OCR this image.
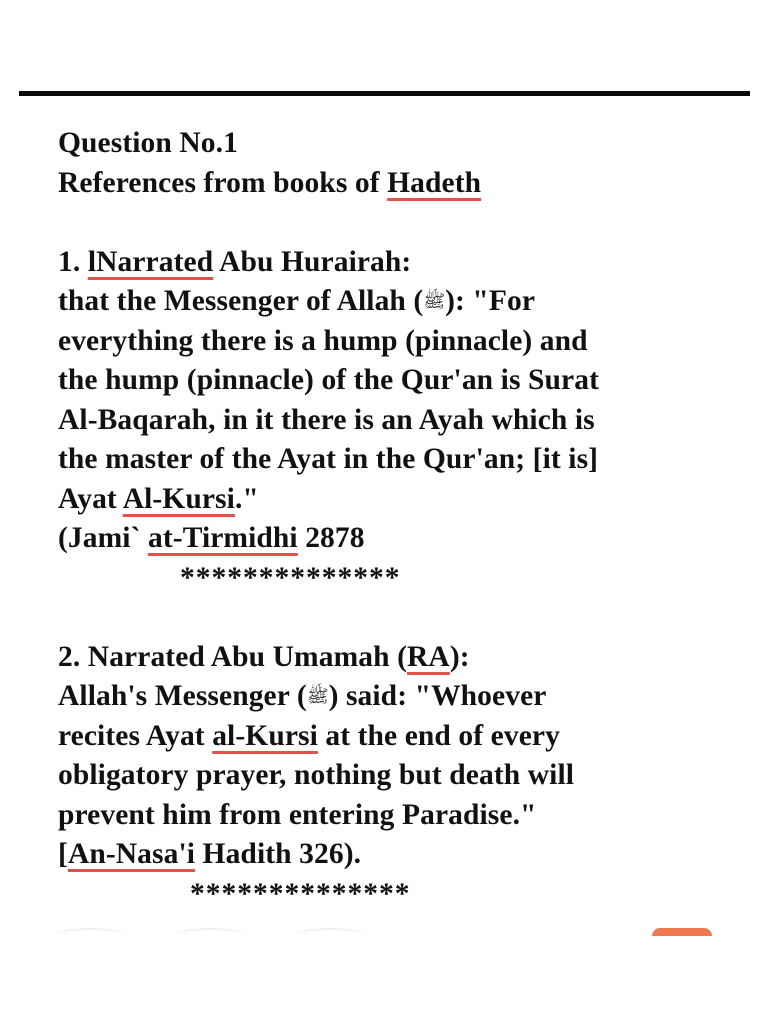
Question No.1
References from books of Hadeth
1. lNarrated Abu Hurairah:
that the Messenger of Allah (ﷺ): "For
everything there is a hump (pinnacle) and
the hump (pinnacle) of the Qur'an is Surat
Al-Baqarah, in it there is an Ayah which is
the master of the Ayat in the Qur'an; [it is]
Ayat Al-Kursi."
(Jami` at-Tirmidhi 2878
**************
2. Narrated Abu Umamah (RA):
Allah's Messenger (ﷺ) said: "Whoever
recites Ayat al-Kursi at the end of every
obligatory prayer, nothing but death will
prevent him from entering Paradise."
[An-Nasa'i Hadith 326).
**************
